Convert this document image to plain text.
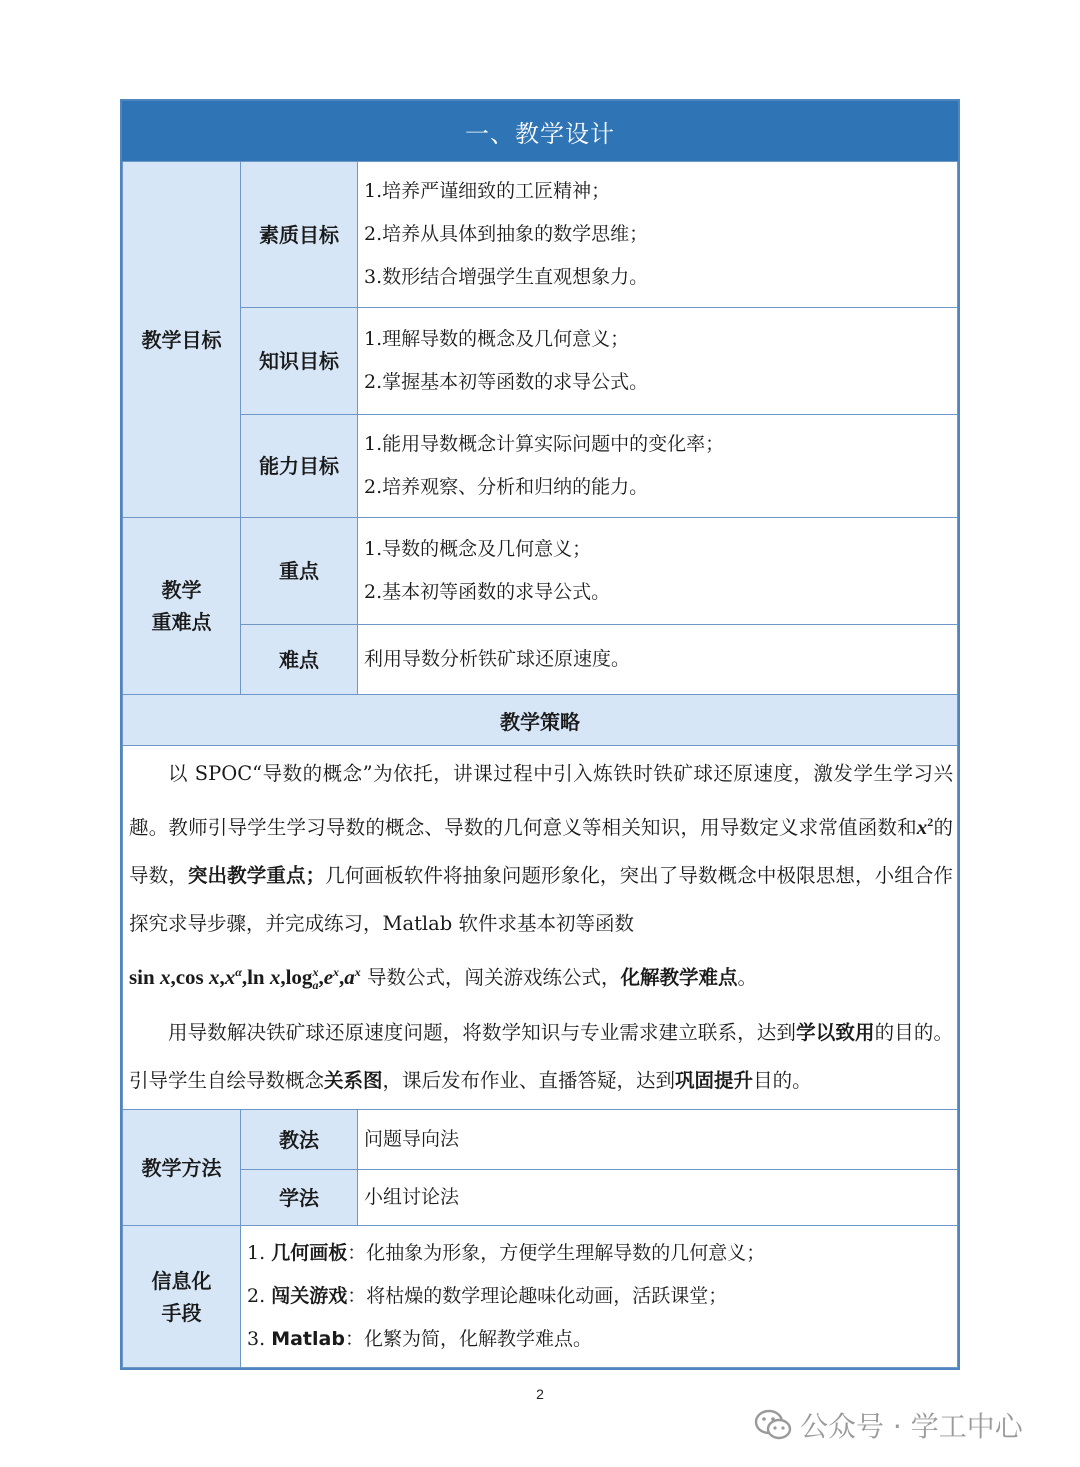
一、教学设计
教学目标	素质目标	1.培养严谨细致的工匠精神；
2.培养从具体到抽象的数学思维；
3.数形结合增强学生直观想象力。

	知识目标	1.理解导数的概念及几何意义；
2.掌握基本初等函数的求导公式。

	能力目标	1.能用导数概念计算实际问题中的变化率；
2.培养观察、分析和归纳的能力。

教学
重难点	重点	1.导数的概念及几何意义；
2.基本初等函数的求导公式。

	难点	利用导数分析铁矿球还原速度。

教学策略		

以 SPOC“导数的概念”为依托，讲课过程中引入炼铁时铁矿球还原速度，激发学生学习兴趣。教师引导学生学习导数的概念、导数的几何意义等相关知识，用导数定义求常值函数和$x^2$的导数，突出教学重点；几何画板软件将抽象问题形象化，突出了导数概念中极限思想，小组合作探究求导步骤，并完成练习，Matlab 软件求基本初等函数
sin x,cos $x,x^\alpha,\ln$ $x,\log_a^x,e^x,a^x$ 导数公式，闯关游戏练公式，化解教学难点。

用导数解决铁矿球还原速度问题，将数学知识与专业需求建立联系，达到学以致用的目的。引导学生自绘导数概念关系图，课后发布作业、直播答疑，达到巩固提升目的。		

教学方法	教法	问题导向法

	学法	小组讨论法

信息化
手段	1. 几何画板：化抽象为形象，方便学生理解导数的几何意义；
2. 闯关游戏：将枯燥的数学理论趣味化动画，活跃课堂；
3. Matlab：化繁为简，化解教学难点。	
2
公众号 · 学工中心
